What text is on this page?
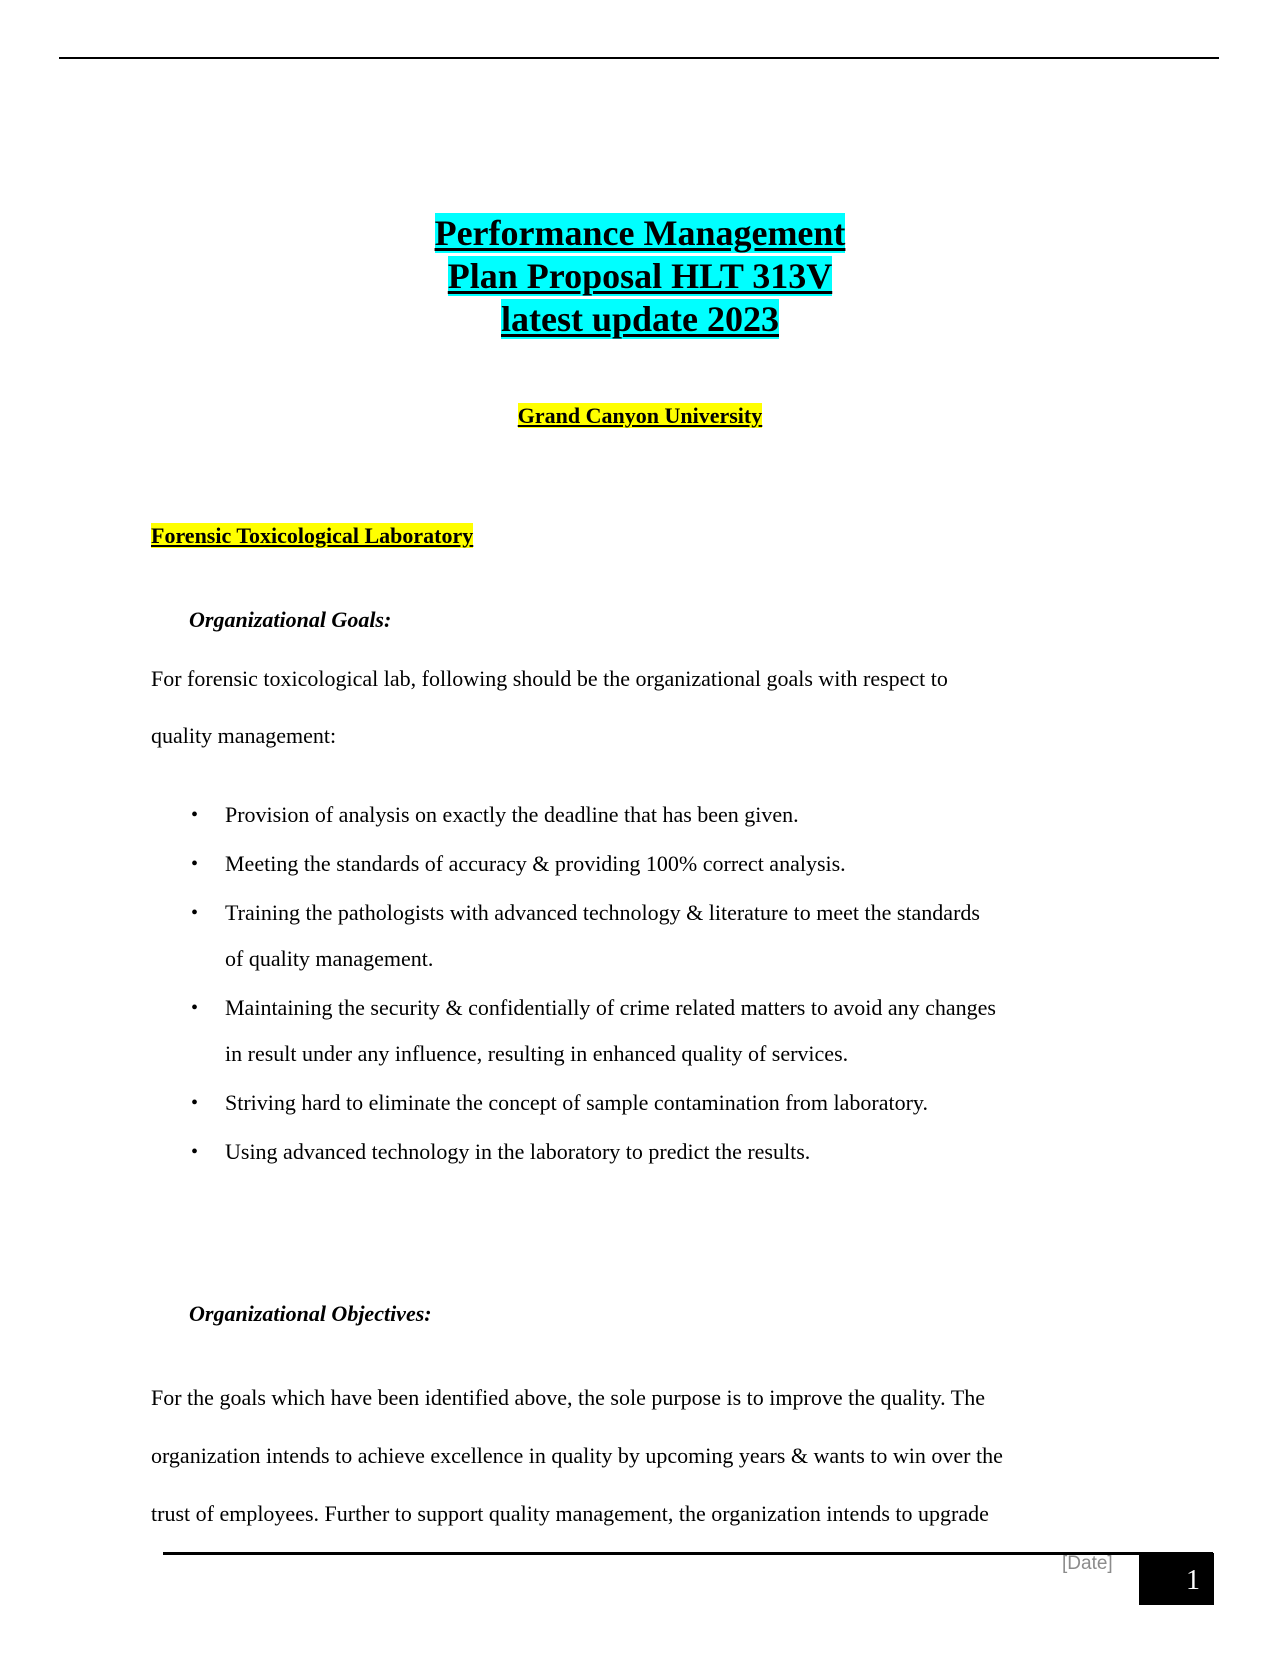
Performance Management
Plan Proposal HLT 313V
latest update 2023
Grand Canyon University
Forensic Toxicological Laboratory
Organizational Goals:
For forensic toxicological lab, following should be the organizational goals with respect to
quality management:
• Provision of analysis on exactly the deadline that has been given.
• Meeting the standards of accuracy & providing 100% correct analysis.
• Training the pathologists with advanced technology & literature to meet the standards
of quality management.
• Maintaining the security & confidentially of crime related matters to avoid any changes
in result under any influence, resulting in enhanced quality of services.
• Striving hard to eliminate the concept of sample contamination from laboratory.
• Using advanced technology in the laboratory to predict the results.
Organizational Objectives:
For the goals which have been identified above, the sole purpose is to improve the quality. The
organization intends to achieve excellence in quality by upcoming years & wants to win over the
trust of employees. Further to support quality management, the organization intends to upgrade
[Date]
1
